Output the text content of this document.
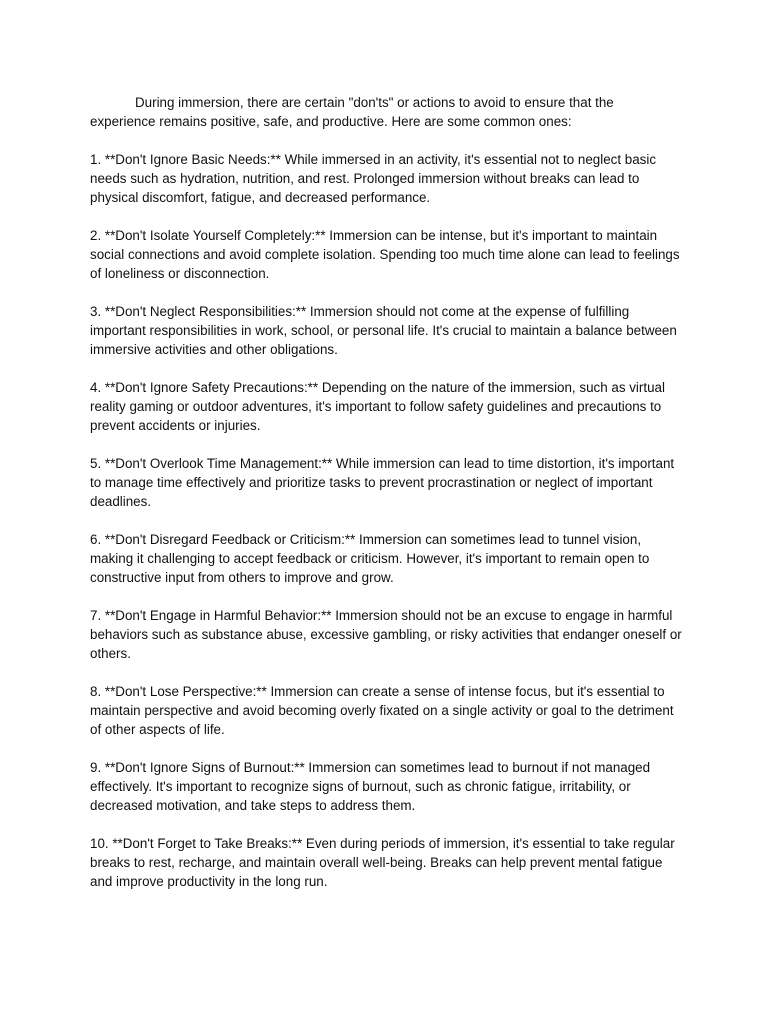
During immersion, there are certain "don'ts" or actions to avoid to ensure that the experience remains positive, safe, and productive. Here are some common ones:

1. **Don't Ignore Basic Needs:** While immersed in an activity, it's essential not to neglect basic needs such as hydration, nutrition, and rest. Prolonged immersion without breaks can lead to physical discomfort, fatigue, and decreased performance.

2. **Don't Isolate Yourself Completely:** Immersion can be intense, but it's important to maintain social connections and avoid complete isolation. Spending too much time alone can lead to feelings of loneliness or disconnection.

3. **Don't Neglect Responsibilities:** Immersion should not come at the expense of fulfilling important responsibilities in work, school, or personal life. It's crucial to maintain a balance between immersive activities and other obligations.

4. **Don't Ignore Safety Precautions:** Depending on the nature of the immersion, such as virtual reality gaming or outdoor adventures, it's important to follow safety guidelines and precautions to prevent accidents or injuries.

5. **Don't Overlook Time Management:** While immersion can lead to time distortion, it's important to manage time effectively and prioritize tasks to prevent procrastination or neglect of important deadlines.

6. **Don't Disregard Feedback or Criticism:** Immersion can sometimes lead to tunnel vision, making it challenging to accept feedback or criticism. However, it's important to remain open to constructive input from others to improve and grow.

7. **Don't Engage in Harmful Behavior:** Immersion should not be an excuse to engage in harmful behaviors such as substance abuse, excessive gambling, or risky activities that endanger oneself or others.

8. **Don't Lose Perspective:** Immersion can create a sense of intense focus, but it's essential to maintain perspective and avoid becoming overly fixated on a single activity or goal to the detriment of other aspects of life.

9. **Don't Ignore Signs of Burnout:** Immersion can sometimes lead to burnout if not managed effectively. It's important to recognize signs of burnout, such as chronic fatigue, irritability, or decreased motivation, and take steps to address them.

10. **Don't Forget to Take Breaks:** Even during periods of immersion, it's essential to take regular breaks to rest, recharge, and maintain overall well-being. Breaks can help prevent mental fatigue and improve productivity in the long run.
